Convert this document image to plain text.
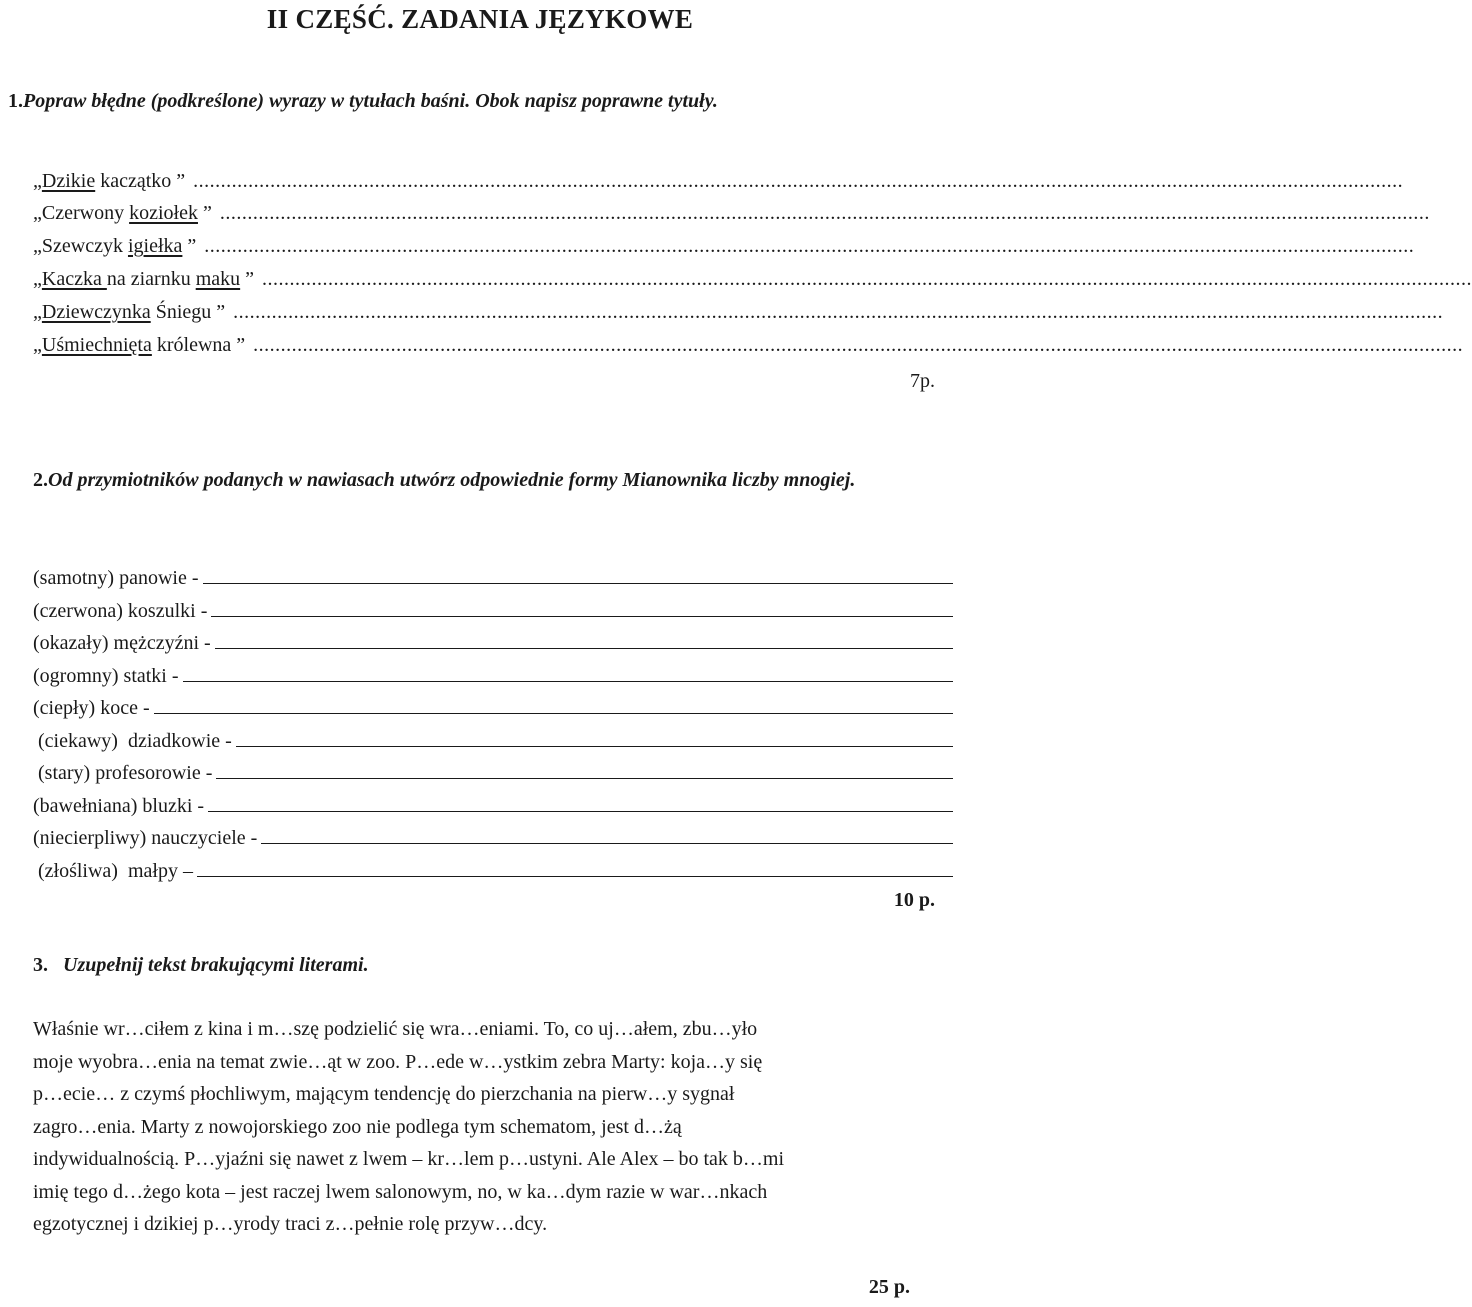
II CZĘŚĆ. ZADANIA JĘZYKOWE
1.Popraw błędne (podkreślone) wyrazy w tytułach baśni. Obok napisz poprawne tytuły.
„ Dzikie kaczątko ” ............................................................................................................................................................................................................................
„ Czerwony koziołek
” ............................................................................................................................................................................................................................
„ Szewczyk igiełka
” ............................................................................................................................................................................................................................
„ Kaczka na ziarnku maku
” ............................................................................................................................................................................................................................
„ Dziewczynka Śniegu ” ............................................................................................................................................................................................................................
„ Uśmiechnięta królewna ” ............................................................................................................................................................................................................................
7p.
2.Od przymiotników podanych w nawiasach utwórz odpowiednie formy Mianownika liczby mnogiej.
(samotny) panowie -
(czerwona) koszulki -
(okazały) mężczyźni -
(ogromny) statki -
(ciepły) koce -
(ciekawy)  dziadkowie -
(stary) profesorowie -
(bawełniana) bluzki -
(niecierpliwy) nauczyciele -
(złośliwa)  małpy –
10 p.
3. Uzupełnij tekst brakującymi literami.
Właśnie wr…ciłem z kina i m…szę podzielić się wra…eniami. To, co uj…ałem, zbu…yło
moje wyobra…enia na temat zwie…ąt w zoo. P…ede w…ystkim zebra Marty: koja…y się
p…ecie… z czymś płochliwym, mającym tendencję do pierzchania na pierw…y sygnał
zagro…enia. Marty z nowojorskiego zoo nie podlega tym schematom, jest d…żą
indywidualnością. P…yjaźni się nawet z lwem – kr…lem p…ustyni. Ale Alex – bo tak b…mi
imię tego d…żego kota – jest raczej lwem salonowym, no, w ka…dym razie w war…nkach
egzotycznej i dzikiej p…yrody traci z…pełnie rolę przyw…dcy.
25 p.
